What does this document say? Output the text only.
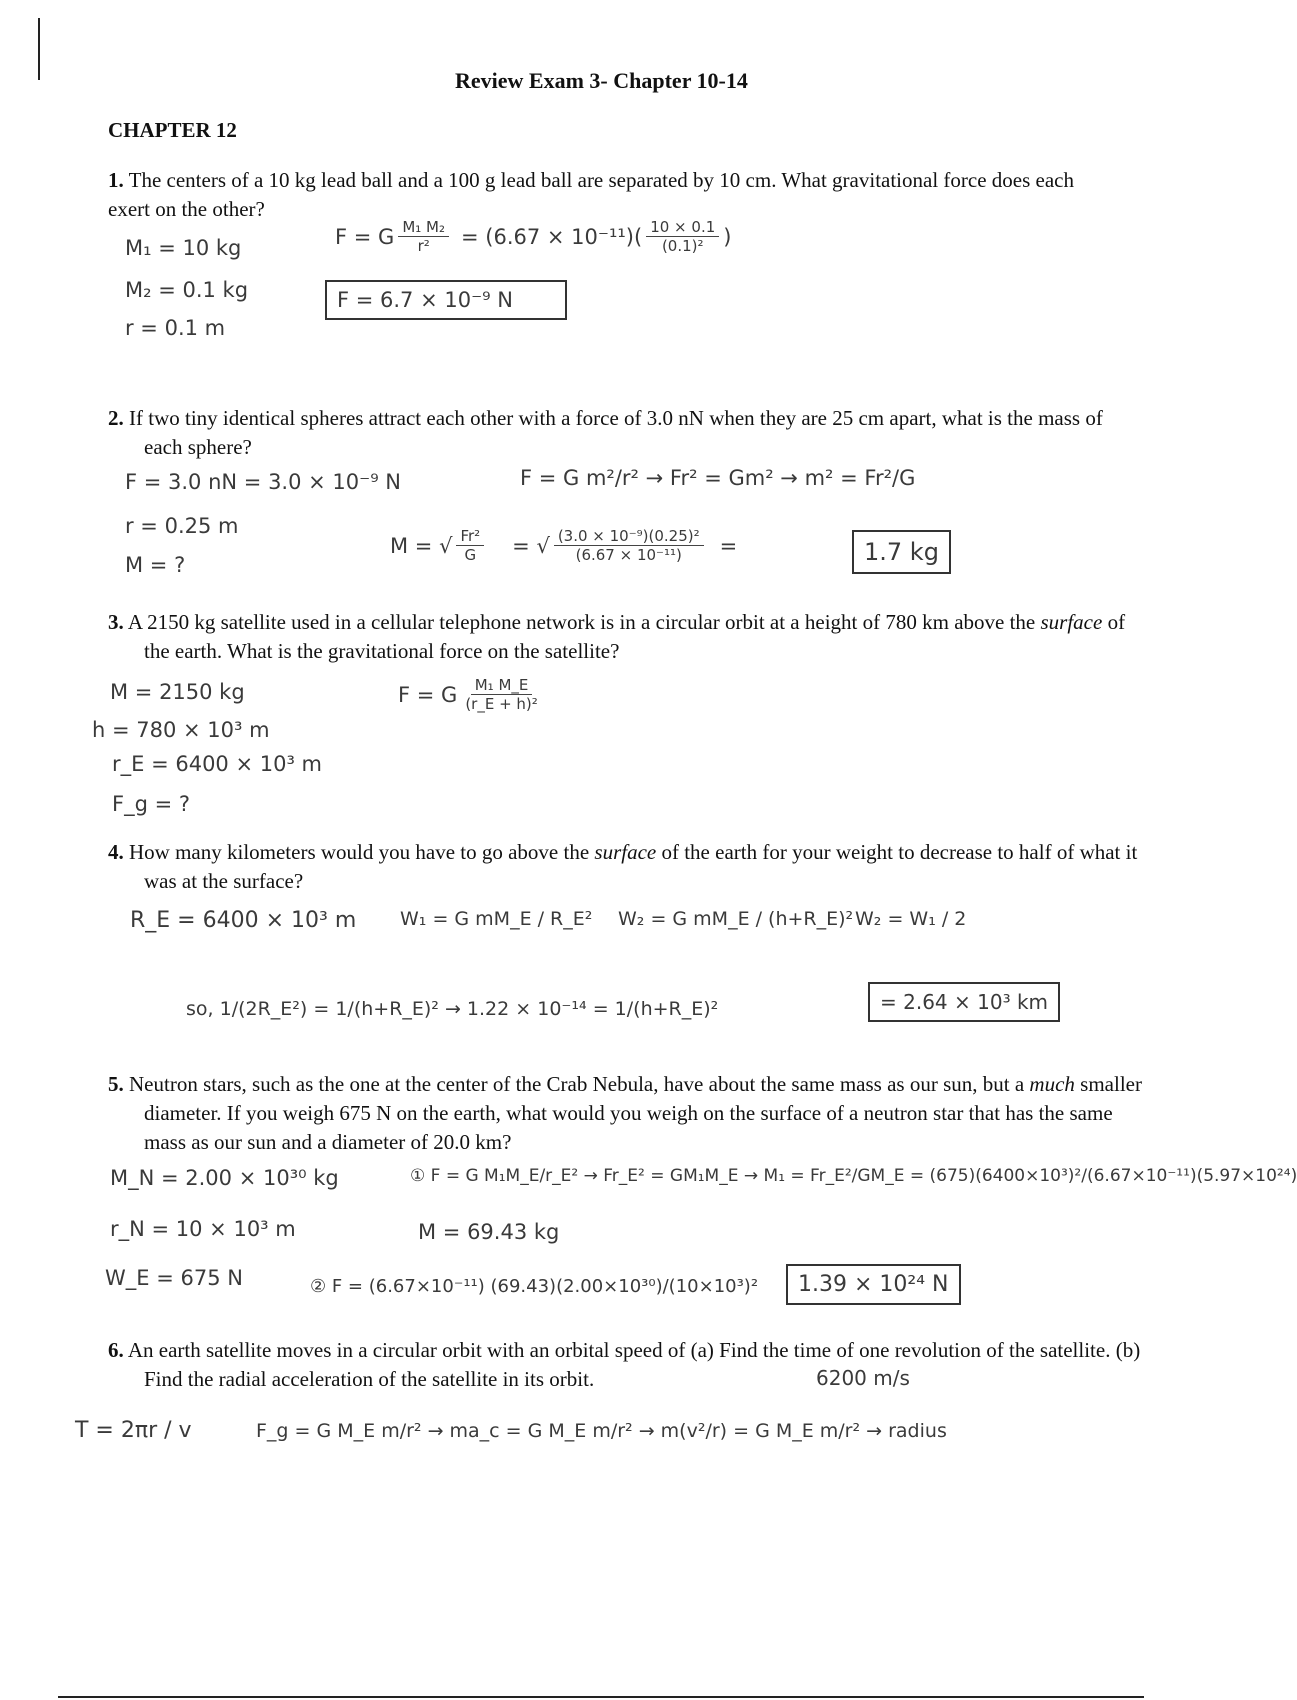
Review Exam 3- Chapter 10-14
CHAPTER 12
1. The centers of a 10 kg lead ball and a 100 g lead ball are separated by 10 cm. What gravitational force does each exert on the other?
M₁ = 10 kg
M₂ = 0.1 kg
r = 0.1 m
F = G $\frac{\text{M₁ M₂}}{\text{r²}} = (6.67 \times 10^{-11})( \frac{10 \times 0.1}{\text{(0.1)²}}$ )
F = 6.7 × 10⁻⁹ N
2. If two tiny identical spheres attract each other with a force of 3.0 nN when they are 25 cm apart, what is the mass of each sphere?
F = 3.0 nN = 3.0 × 10⁻⁹ N
r = 0.25 m
M = ?
F = G m²/r² → Fr² = Gm² → m² = Fr²/G
M = √ $\frac{\text{Fr²}}{G}$ = √ $\frac{\text{(3.0 × 10⁻⁹)(0.25)²}}{\text{(6.67 × 10⁻¹¹)}}$ =	1.7 kg
3. A 2150 kg satellite used in a cellular telephone network is in a circular orbit at a height of 780 km above the surface of the earth. What is the gravitational force on the satellite?
M = 2150 kg
h = 780 × 10³ m
r_E = 6400 × 10³ m
F_g = ?
F = G $\frac{\text{M₁ M\_E}}{\text{(r\_E + h)²}}$
4. How many kilometers would you have to go above the surface of the earth for your weight to decrease to half of what it was at the surface?
R_E = 6400 × 10³ m W₁ = G mM_E / R_E² W₂ = G mM_E / (h+R_E)² W₂ = W₁ / 2
so, 1/(2R_E²) = 1/(h+R_E)² → 1.22 × 10⁻¹⁴ = 1/(h+R_E)²	= 2.64 × 10³ km
5. Neutron stars, such as the one at the center of the Crab Nebula, have about the same mass as our sun, but a much smaller diameter. If you weigh 675 N on the earth, what would you weigh on the surface of a neutron star that has the same mass as our sun and a diameter of 20.0 km?
M_N = 2.00 × 10³⁰ kg
r_N = 10 × 10³ m
W_E = 675 N
① F = G M₁M_E/r_E² → Fr_E² = GM₁M_E → M₁ = Fr_E²/GM_E = (675)(6400×10³)²/(6.67×10⁻¹¹)(5.97×10²⁴)
M = 69.43 kg
② F = (6.67×10⁻¹¹) (69.43)(2.00×10³⁰)/(10×10³)²	1.39 × 10²⁴ N
6. An earth satellite moves in a circular orbit with an orbital speed of (a) Find the time of one revolution of the satellite. (b) Find the radial acceleration of the satellite in its orbit.	6200 m/s
T = 2πr / v	F_g = G M_E m/r² → ma_c = G M_E m/r² → m(v²/r) = G M_E m/r² → radius
